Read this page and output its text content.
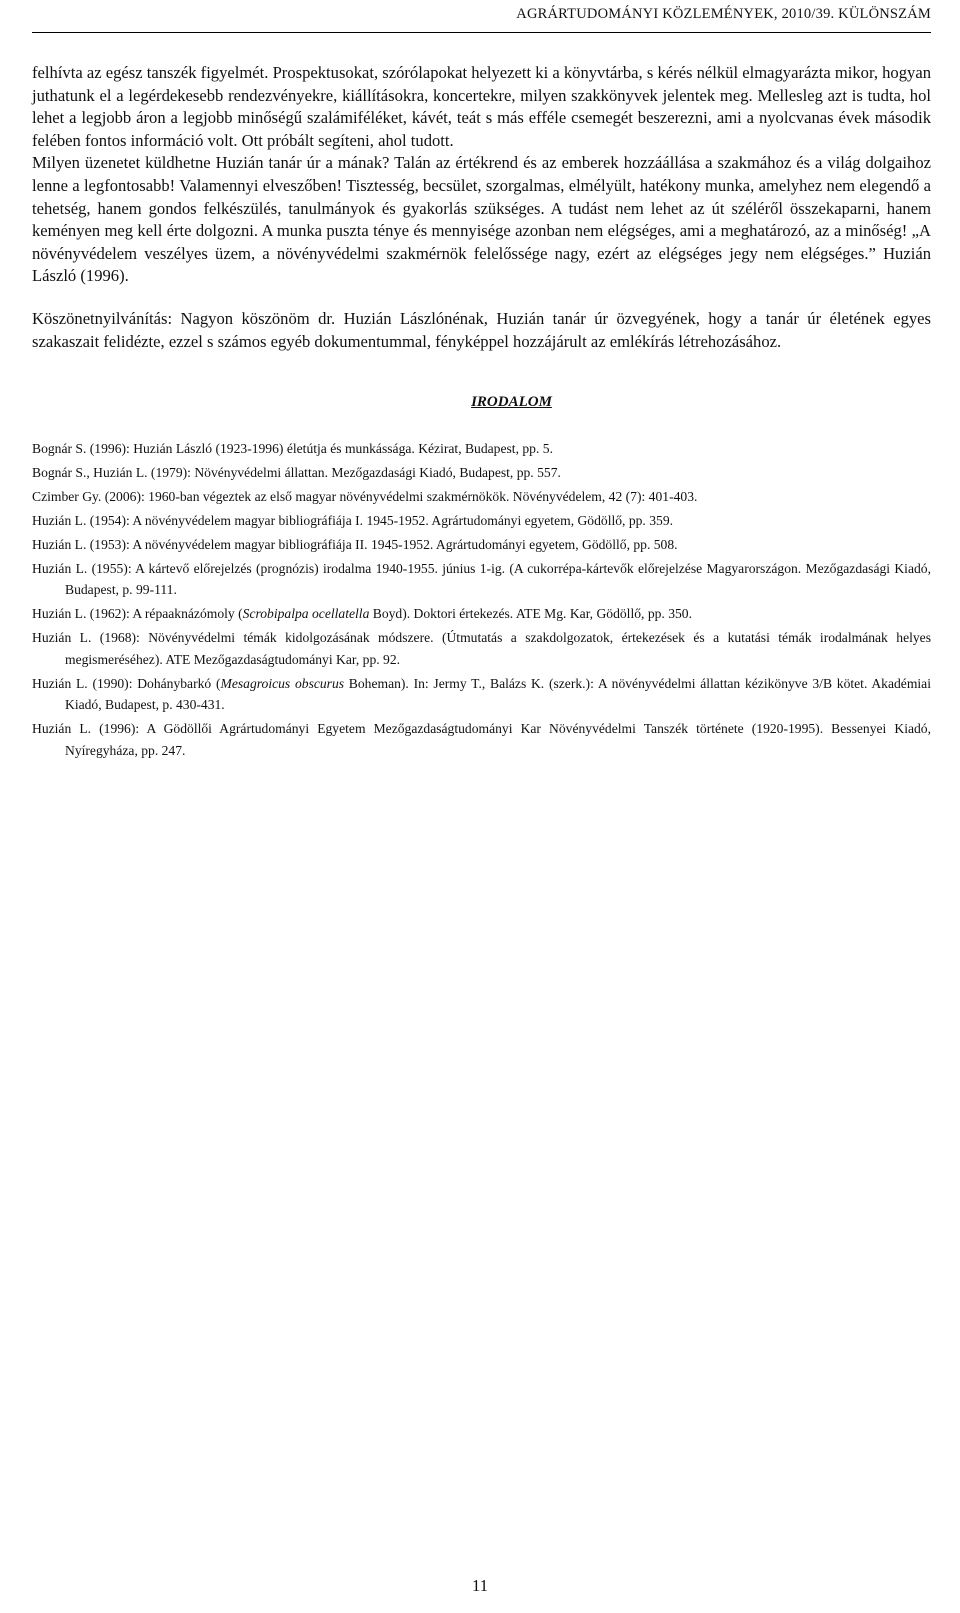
AGRÁRTUDOMÁNYI KÖZLEMÉNYEK, 2010/39. KÜLÖNSZÁM

felhívta az egész tanszék figyelmét. Prospektusokat, szórólapokat helyezett ki a könyvtárba, s kérés nélkül elmagyarázta mikor, hogyan juthatunk el a legérdekesebb rendezvényekre, kiállításokra, koncertekre, milyen szakkönyvek jelentek meg. Mellesleg azt is tudta, hol lehet a legjobb áron a legjobb minőségű szalámiféléket, kávét, teát s más efféle csemegét beszerezni, ami a nyolcvanas évek második felében fontos információ volt. Ott próbált segíteni, ahol tudott.

Milyen üzenetet küldhetne Huzián tanár úr a mának? Talán az értékrend és az emberek hozzáállása a szakmához és a világ dolgaihoz lenne a legfontosabb! Valamennyi elveszőben! Tisztesség, becsület, szorgalmas, elmélyült, hatékony munka, amelyhez nem elegendő a tehetség, hanem gondos felkészülés, tanulmányok és gyakorlás szükséges. A tudást nem lehet az út széléről összekaparni, hanem keményen meg kell érte dolgozni. A munka puszta ténye és mennyisége azonban nem elégséges, ami a meghatározó, az a minőség! „A növényvédelem veszélyes üzem, a növényvédelmi szakmérnök felelőssége nagy, ezért az elégséges jegy nem elégséges.” Huzián László (1996).

Köszönetnyilvánítás: Nagyon köszönöm dr. Huzián Lászlónénak, Huzián tanár úr özvegyének, hogy a tanár úr életének egyes szakaszait felidézte, ezzel s számos egyéb dokumentummal, fényképpel hozzájárult az emlékírás létrehozásához.

IRODALOM
Bognár S. (1996): Huzián László (1923-1996) életútja és munkássága. Kézirat, Budapest, pp. 5.
Bognár S., Huzián L. (1979): Növényvédelmi állattan. Mezőgazdasági Kiadó, Budapest, pp. 557.
Czimber Gy. (2006): 1960-ban végeztek az első magyar növényvédelmi szakmérnökök. Növényvédelem, 42 (7): 401-403.
Huzián L. (1954): A növényvédelem magyar bibliográfiája I. 1945-1952. Agrártudományi egyetem, Gödöllő, pp. 359.
Huzián L. (1953): A növényvédelem magyar bibliográfiája II. 1945-1952. Agrártudományi egyetem, Gödöllő, pp. 508.
Huzián L. (1955): A kártevő előrejelzés (prognózis) irodalma 1940-1955. június 1-ig. (A cukorrépa-kártevők előrejelzése Magyarországon. Mezőgazdasági Kiadó, Budapest, p. 99-111.
Huzián L. (1962): A répaaknázómoly (Scrobipalpa ocellatella Boyd). Doktori értekezés. ATE Mg. Kar, Gödöllő, pp. 350.
Huzián L. (1968): Növényvédelmi témák kidolgozásának módszere. (Útmutatás a szakdolgozatok, értekezések és a kutatási témák irodalmának helyes megismeréséhez). ATE Mezőgazdaságtudományi Kar, pp. 92.
Huzián L. (1990): Dohánybarkó (Mesagroicus obscurus Boheman). In: Jermy T., Balázs K. (szerk.): A növényvédelmi állattan kézikönyve 3/B kötet. Akadémiai Kiadó, Budapest, p. 430-431.
Huzián L. (1996): A Gödöllői Agrártudományi Egyetem Mezőgazdaságtudományi Kar Növényvédelmi Tanszék története (1920-1995). Bessenyei Kiadó, Nyíregyháza, pp. 247.
11
